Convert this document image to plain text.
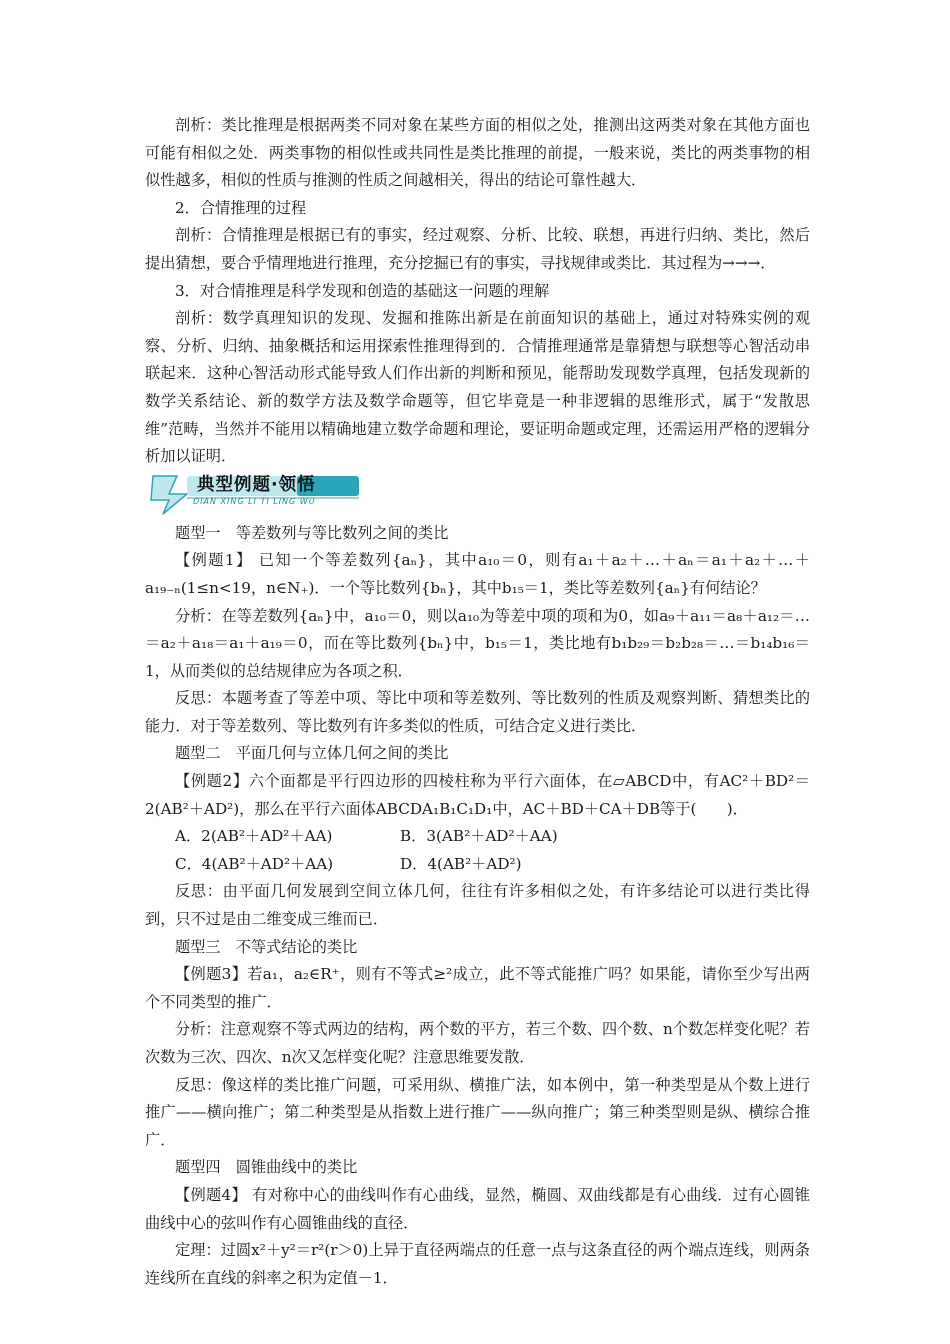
剖析：类比推理是根据两类不同对象在某些方面的相似之处，推测出这两类对象在其他方面也可能有相似之处．两类事物的相似性或共同性是类比推理的前提，一般来说，类比的两类事物的相似性越多，相似的性质与推测的性质之间越相关，得出的结论可靠性越大．

2．合情推理的过程

剖析：合情推理是根据已有的事实，经过观察、分析、比较、联想，再进行归纳、类比，然后提出猜想，要合乎情理地进行推理，充分挖掘已有的事实，寻找规律或类比．其过程为→→→．

3．对合情推理是科学发现和创造的基础这一问题的理解

剖析：数学真理知识的发现、发掘和推陈出新是在前面知识的基础上，通过对特殊实例的观察、分析、归纳、抽象概括和运用探索性推理得到的．合情推理通常是靠猜想与联想等心智活动串联起来．这种心智活动形式能导致人们作出新的判断和预见，能帮助发现数学真理，包括发现新的数学关系结论、新的数学方法及数学命题等，但它毕竟是一种非逻辑的思维形式，属于“发散思维”范畴，当然并不能用以精确地建立数学命题和理论，要证明命题或定理，还需运用严格的逻辑分析加以证明．

典型例题·领悟
DIAN XING LI TI LING WU

题型一　等差数列与等比数列之间的类比

【例题1】 已知一个等差数列{aₙ}，其中a₁₀＝0，则有a₁＋a₂＋…＋aₙ＝a₁＋a₂＋…＋a₁₉₋ₙ(1≤n<19，n∈N₊)．一个等比数列{bₙ}，其中b₁₅＝1，类比等差数列{aₙ}有何结论？

分析：在等差数列{aₙ}中，a₁₀＝0，则以a₁₀为等差中项的项和为0，如a₉＋a₁₁＝a₈＋a₁₂＝…＝a₂＋a₁₈＝a₁＋a₁₉＝0，而在等比数列{bₙ}中，b₁₅＝1，类比地有b₁b₂₉＝b₂b₂₈＝…＝b₁₄b₁₆＝1，从而类似的总结规律应为各项之积．

反思：本题考查了等差中项、等比中项和等差数列、等比数列的性质及观察判断、猜想类比的能力．对于等差数列、等比数列有许多类似的性质，可结合定义进行类比．

题型二　平面几何与立体几何之间的类比

【例题2】六个面都是平行四边形的四棱柱称为平行六面体，在▱ABCD中，有AC²＋BD²＝2(AB²＋AD²)，那么在平行六面体ABCDA₁B₁C₁D₁中，AC＋BD＋CA＋DB等于(　　)．

A．2(AB²＋AD²＋AA)	B．3(AB²＋AD²＋AA)
C．4(AB²＋AD²＋AA)	D．4(AB²＋AD²)

反思：由平面几何发展到空间立体几何，往往有许多相似之处，有许多结论可以进行类比得到，只不过是由二维变成三维而已．

题型三　不等式结论的类比

【例题3】若a₁，a₂∈R⁺，则有不等式≥²成立，此不等式能推广吗？如果能，请你至少写出两个不同类型的推广．

分析：注意观察不等式两边的结构，两个数的平方，若三个数、四个数、n个数怎样变化呢？若次数为三次、四次、n次又怎样变化呢？注意思维要发散．

反思：像这样的类比推广问题，可采用纵、横推广法，如本例中，第一种类型是从个数上进行推广——横向推广；第二种类型是从指数上进行推广——纵向推广；第三种类型则是纵、横综合推广．

题型四　圆锥曲线中的类比

【例题4】 有对称中心的曲线叫作有心曲线，显然，椭圆、双曲线都是有心曲线．过有心圆锥曲线中心的弦叫作有心圆锥曲线的直径．

定理：过圆x²＋y²＝r²(r＞0)上异于直径两端点的任意一点与这条直径的两个端点连线，则两条连线所在直线的斜率之积为定值－1．
